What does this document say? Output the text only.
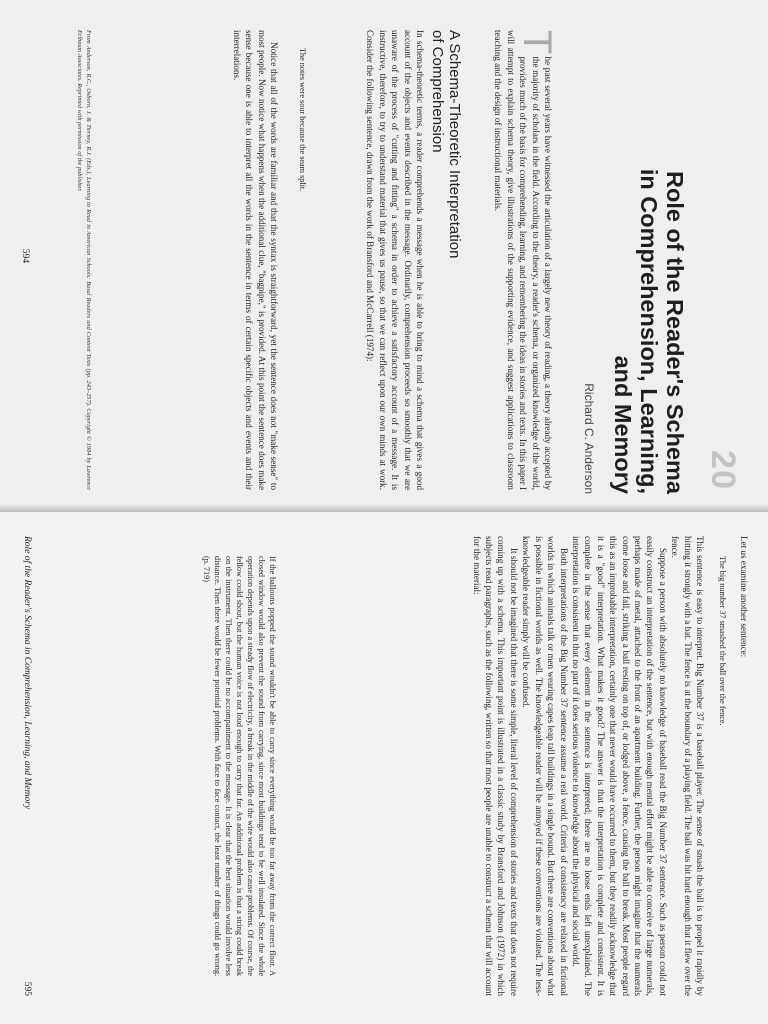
20
Role of the Reader's Schema
in Comprehension, Learning,
and Memory
Richard C. Anderson
T
he past several years have witnessed the articulation of a largely new theory of reading, a theory already accepted by the majority of scholars in the field. According to the theory, a reader's schema, or organized knowledge of the world, provides much of the basis for comprehending, learning, and remembering the ideas in stories and texts. In this paper I will attempt to explain schema theory, give illustrations of the supporting evidence, and suggest applications to classroom teaching and the design of instructional materials.
A Schema-Theoretic Interpretation
of Comprehension

In schema-theoretic terms, a reader comprehends a message when he is able to bring to mind a schema that gives a good account of the objects and events described in the message. Ordinarily, comprehension proceeds so smoothly that we are unaware of the process of "cutting and fitting" a schema in order to achieve a satisfactory account of a message. It is instructive, therefore, to try to understand material that gives us pause, so that we can reflect upon our own minds at work. Consider the following sentence, drawn from the work of Bransford and McCarrell (1974):

The notes were sour because the seam split.

Notice that all of the words are familiar and that the syntax is straightforward, yet the sentence does not "make sense" to most people. Now notice what happens when the additional clue, "bagpipe," is provided. At this point the sentence does make sense because one is able to interpret all the words in the sentence in terms of certain specific objects and events and their interrelations.

From Anderson, R.C., Osborn, J. & Tierney, R.J. (Eds.), Learning to Read in American Schools: Basal Readers and Content Texts (pp. 243–257). Copyright © 1984 by Lawrence Erlbaum Associates. Reprinted with permission of the publisher.
594

Let us examine another sentence:

The big number 37 smashed the ball over the fence.

This sentence is easy to interpret. Big Number 37 is a baseball player. The sense of smash the ball is to propel it rapidly by hitting it strongly with a bat. The fence is at the boundary of a playing field. The ball was hit hard enough that it flew over the fence.

Suppose a person with absolutely no knowledge of baseball read the Big Number 37 sentence. Such as person could not easily construct an interpretation of the sentence, but with enough mental effort might be able to conceive of large numerals, perhaps made of metal, attached to the front of an apartment building. Further, the person might imagine that the numerals come loose and fall, striking a ball resting on top of, or lodged above, a fence, causing the ball to break. Most people regard this as an improbable interpretation, certainly one that never would have occurred to them, but they readily acknowledge that it is a "good" interpretation. What makes it good? The answer is that the interpretation is complete and consistent. It is complete in the sense that every element in the sentence is interpreted; there are no loose ends left unexplained. The interpretation is consistent in that no part of it does serious violence to knowledge about the physical and social world.

Both interpretations of the Big Number 37 sentence assume a real world. Criteria of consistency are relaxed in fictional worlds in which animals talk or men wearing capes leap tall buildings in a single bound. But there are conventions about what is possible in fictional worlds as well. The knowledgeable reader will be annoyed if these conventions are violated. The less-knowledgeable reader simply will be confused.

It should not be imagined that there is some simple, literal level of comprehension of stories and texts that does not require coming up with a schema. This important point is illustrated in a classic study by Bransford and Johnson (1972) in which subjects read paragraphs, such as the following, written so that most people are unable to construct a schema that will account for the material:

If the balloons popped the sound wouldn't be able to carry since everything would be too far away from the correct floor. A closed window would also prevent the sound from carrying, since most buildings tend to be well insulated. Since the whole operation depends upon a steady flow of electricity, a break in the middle of the wire would also cause problems. Of course, the fellow could shout, but the human voice is not loud enough to carry that far. An additional problem is that a string could break on the instrument. Then there could be no accompaniment to the message. It is clear that the best situation would involve less distance. Then there would be fewer potential problems. With face to face contact, the least number of things could go wrong. (p. 719)
Role of the Reader's Schema in Comprehension, Learning, and Memory
595
